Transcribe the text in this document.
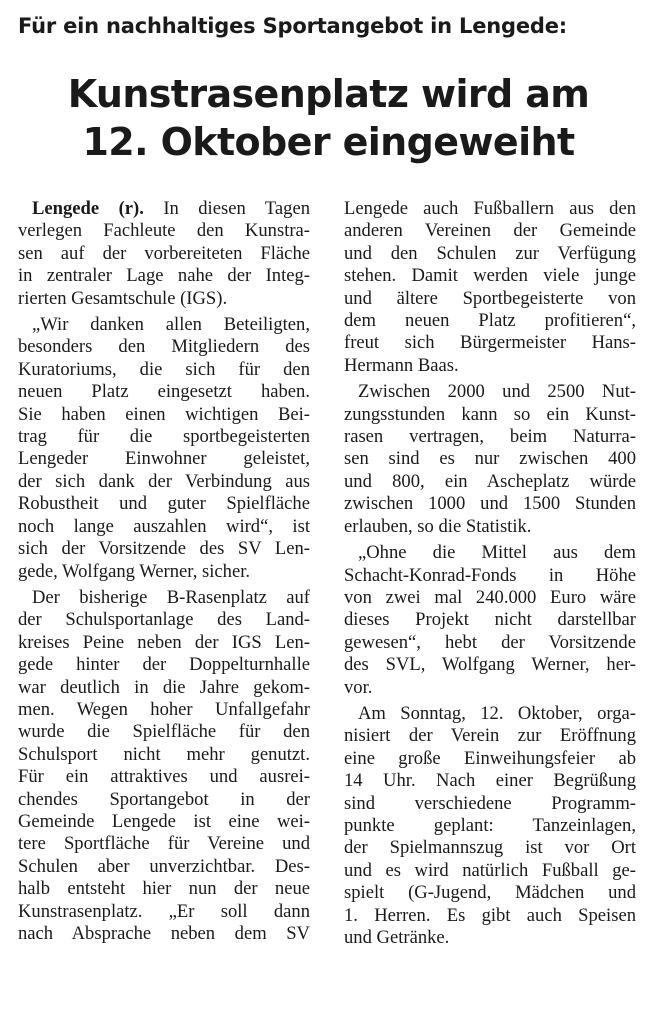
Für ein nachhaltiges Sportangebot in Lengede:
Kunstrasenplatz wird am
12. Oktober eingeweiht

Lengede (r). In diesen Tagen
verlegen Fachleute den Kunstra-
sen auf der vorbereiteten Fläche
in zentraler Lage nahe der Integ-
rierten Gesamtschule (IGS).

„Wir danken allen Beteiligten,
besonders den Mitgliedern des
Kuratoriums, die sich für den
neuen Platz eingesetzt haben.
Sie haben einen wichtigen Bei-
trag für die sportbegeisterten
Lengeder Einwohner geleistet,
der sich dank der Verbindung aus
Robustheit und guter Spielfläche
noch lange auszahlen wird“, ist
sich der Vorsitzende des SV Len-
gede, Wolfgang Werner, sicher.

Der bisherige B-Rasenplatz auf
der Schulsportanlage des Land-
kreises Peine neben der IGS Len-
gede hinter der Doppelturnhalle
war deutlich in die Jahre gekom-
men. Wegen hoher Unfallgefahr
wurde die Spielfläche für den
Schulsport nicht mehr genutzt.
Für ein attraktives und ausrei-
chendes Sportangebot in der
Gemeinde Lengede ist eine wei-
tere Sportfläche für Vereine und
Schulen aber unverzichtbar. Des-
halb entsteht hier nun der neue
Kunstrasenplatz. „Er soll dann
nach Absprache neben dem SV

Lengede auch Fußballern aus den
anderen Vereinen der Gemeinde
und den Schulen zur Verfügung
stehen. Damit werden viele junge
und ältere Sportbegeisterte von
dem neuen Platz profitieren“,
freut sich Bürgermeister Hans-
Hermann Baas.

Zwischen 2000 und 2500 Nut-
zungsstunden kann so ein Kunst-
rasen vertragen, beim Naturra-
sen sind es nur zwischen 400
und 800, ein Ascheplatz würde
zwischen 1000 und 1500 Stunden
erlauben, so die Statistik.

„Ohne die Mittel aus dem
Schacht-Konrad-Fonds in Höhe
von zwei mal 240.000 Euro wäre
dieses Projekt nicht darstellbar
gewesen“, hebt der Vorsitzende
des SVL, Wolfgang Werner, her-
vor.

Am Sonntag, 12. Oktober, orga-
nisiert der Verein zur Eröffnung
eine große Einweihungsfeier ab
14 Uhr. Nach einer Begrüßung
sind verschiedene Programm-
punkte geplant: Tanzeinlagen,
der Spielmannszug ist vor Ort
und es wird natürlich Fußball ge-
spielt (G-Jugend, Mädchen und
1. Herren. Es gibt auch Speisen
und Getränke.
